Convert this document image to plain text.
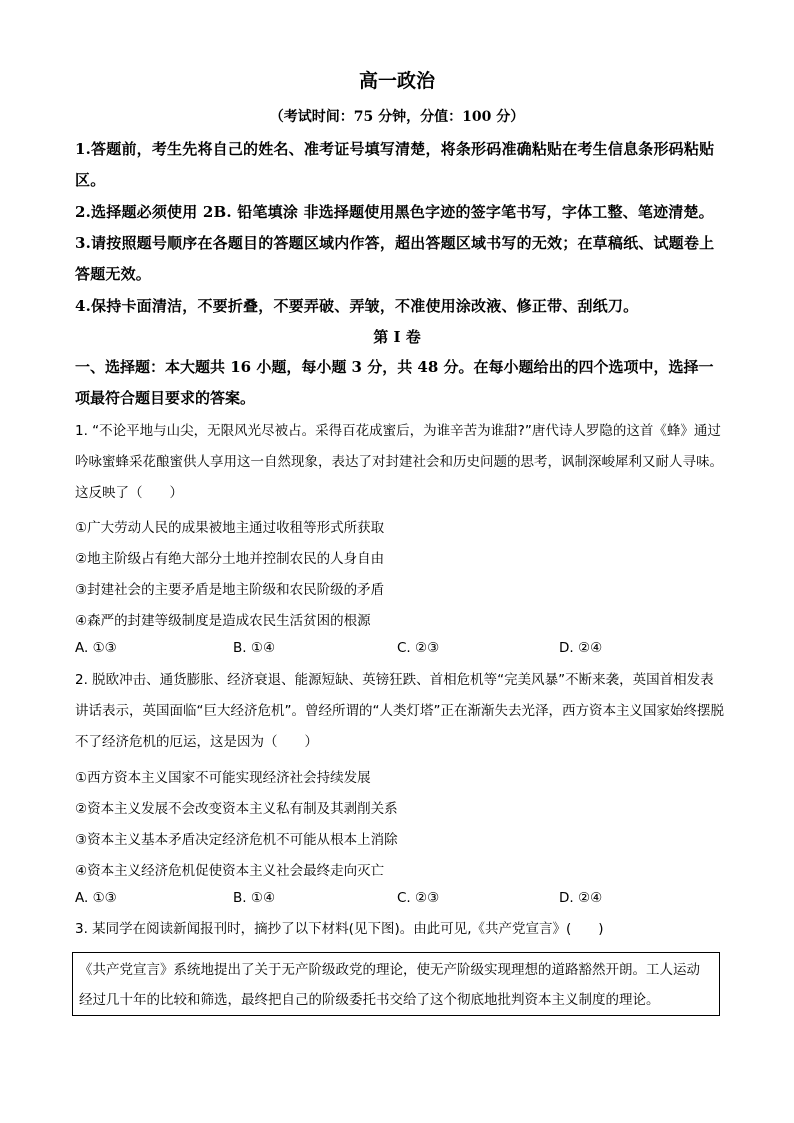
高一政治
（考试时间：75 分钟，分值：100 分）
1.答题前，考生先将自己的姓名、准考证号填写清楚，将条形码准确粘贴在考生信息条形码粘贴区。
2.选择题必须使用 2B. 铅笔填涂 非选择题使用黑色字迹的签字笔书写，字体工整、笔迹清楚。
3.请按照题号顺序在各题目的答题区域内作答，超出答题区域书写的无效；在草稿纸、试题卷上答题无效。
4.保持卡面清洁，不要折叠，不要弄破、弄皱，不准使用涂改液、修正带、刮纸刀。
第 I 卷
一、选择题：本大题共 16 小题，每小题 3 分，共 48 分。在每小题给出的四个选项中，选择一项最符合题目要求的答案。
1. “不论平地与山尖，无限风光尽被占。采得百花成蜜后，为谁辛苦为谁甜?”唐代诗人罗隐的这首《蜂》通过吟咏蜜蜂采花酿蜜供人享用这一自然现象，表达了对封建社会和历史问题的思考，讽制深峻犀利又耐人寻味。这反映了（　　）
①广大劳动人民的成果被地主通过收租等形式所获取
②地主阶级占有绝大部分土地并控制农民的人身自由
③封建社会的主要矛盾是地主阶级和农民阶级的矛盾
④森严的封建等级制度是造成农民生活贫困的根源
A. ①③	B. ①④	C. ②③	D. ②④
2. 脱欧冲击、通货膨胀、经济衰退、能源短缺、英镑狂跌、首相危机等“完美风暴”不断来袭，英国首相发表讲话表示，英国面临“巨大经济危机”。曾经所谓的“人类灯塔”正在渐渐失去光泽，西方资本主义国家始终摆脱不了经济危机的厄运，这是因为（　　）
①西方资本主义国家不可能实现经济社会持续发展
②资本主义发展不会改变资本主义私有制及其剥削关系
③资本主义基本矛盾决定经济危机不可能从根本上消除
④资本主义经济危机促使资本主义社会最终走向灭亡
A. ①③	B. ①④	C. ②③	D. ②④
3. 某同学在阅读新闻报刊时，摘抄了以下材料(见下图)。由此可见,《共产党宣言》(　　)
《共产党宣言》系统地提出了关于无产阶级政党的理论，使无产阶级实现理想的道路豁然开朗。工人运动经过几十年的比较和筛选，最终把自己的阶级委托书交给了这个彻底地批判资本主义制度的理论。
